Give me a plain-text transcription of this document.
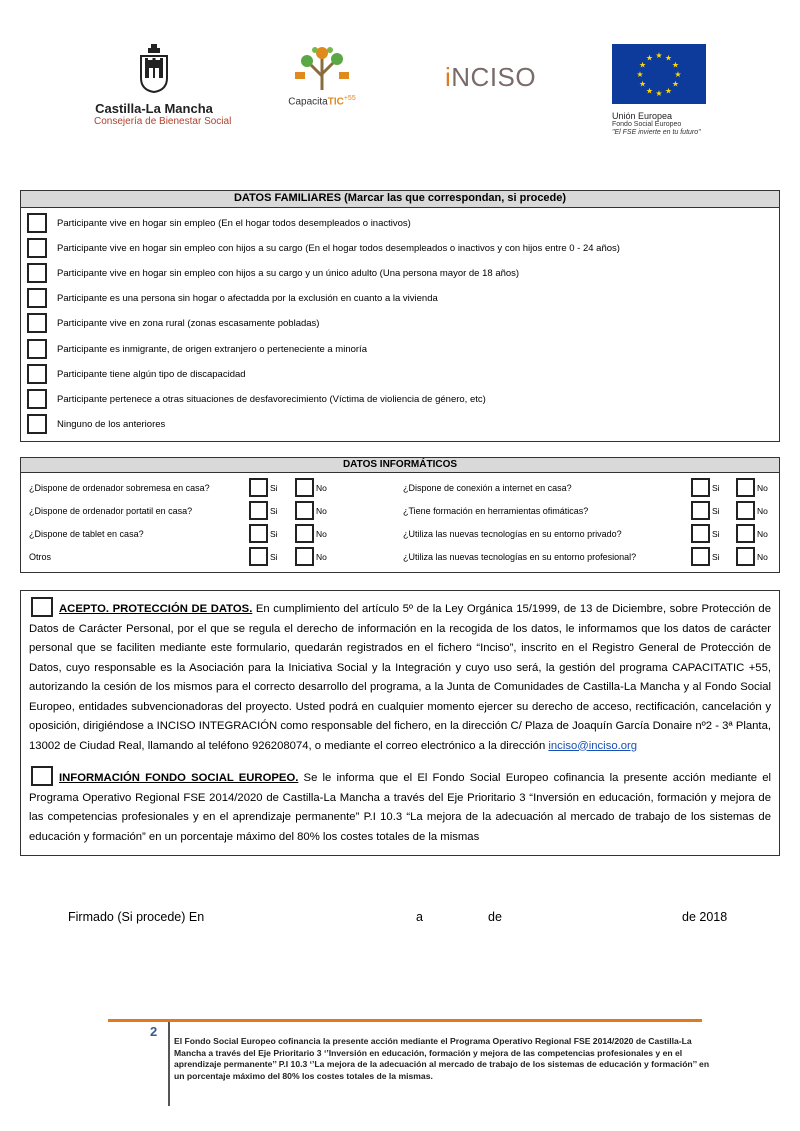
Castilla-La Mancha
Consejería de Bienestar Social
CapacitaTIC$^{+55}$
iNCISO	★
★
★
★
★
★
★
★
★ ★ ★
★
Unión Europea
Fondo Social Europeo
"El FSE invierte en tu futuro"
DATOS FAMILIARES (Marcar las que correspondan, si procede)
Participante vive en hogar sin empleo (En el hogar todos desempleados o inactivos)
Participante vive en hogar sin empleo con hijos a su cargo (En el hogar todos desempleados o inactivos y con hijos entre 0 - 24 años)
Participante vive en hogar sin empleo con hijos a su cargo y un único adulto (Una persona mayor de 18 años)
Participante es una persona sin hogar o afectadda por la exclusión en cuanto a la vivienda
Participante vive en zona rural (zonas escasamente pobladas)
Participante es inmigrante, de origen extranjero o perteneciente a minoría
Participante tiene algún tipo de discapacidad
Participante pertenece a otras situaciones de desfavorecimiento (Víctima de violiencia de género, etc)
Ninguno de los anteriores
DATOS INFORMÁTICOS
¿Dispone de ordenador sobremesa en casa?	Si	No	¿Dispone de conexión a internet en casa?	Si	No
¿Dispone de ordenador portatil en casa?	Si	No	¿Tiene formación en herramientas ofimáticas?	Si	No
¿Dispone de tablet en casa?	Si	No	¿Utiliza las nuevas tecnologías en su entorno privado?	Si	No
Otros	Si	No	¿Utiliza las nuevas tecnologías en su entorno profesional?	Si	No

ACEPTO. PROTECCIÓN DE DATOS. En cumplimiento del artículo 5º de la Ley Orgánica 15/1999, de 13 de Diciembre, sobre Protección de Datos de Carácter Personal, por el que se regula el derecho de información en la recogida de los datos, le informamos que los datos de carácter personal que se faciliten mediante este formulario, quedarán registrados en el fichero “Inciso”, inscrito en el Registro General de Protección de Datos, cuyo responsable es la Asociación para la Iniciativa Social y la Integración y cuyo uso será, la gestión del programa CAPACITATIC +55, autorizando la cesión de los mismos para el correcto desarrollo del programa, a la Junta de Comunidades de Castilla-La Mancha y al Fondo Social Europeo, entidades subvencionadoras del proyecto. Usted podrá en cualquier momento ejercer su derecho de acceso, rectificación, cancelación y oposición, dirigiéndose a INCISO INTEGRACIÓN como responsable del fichero, en la dirección C/ Plaza de Joaquín García Donaire nº2 - 3ª Planta, 13002 de Ciudad Real, llamando al teléfono 926208074, o mediante el correo electrónico a la dirección inciso@inciso.org

INFORMACIÓN FONDO SOCIAL EUROPEO. Se le informa que el El Fondo Social Europeo cofinancia la presente acción mediante el Programa Operativo Regional FSE 2014/2020 de Castilla-La Mancha a través del Eje Prioritario 3 “Inversión en educación, formación y mejora de las competencias profesionales y en el aprendizaje permanente” P.I 10.3 “La mejora de la adecuación al mercado de trabajo de los sistemas de educación y formación” en un porcentaje máximo del 80% los costes totales de la mismas

Firmado (Si procede) En	a	de	de 2018
2
El Fondo Social Europeo cofinancia la presente acción mediante el Programa Operativo Regional FSE 2014/2020 de Castilla-La Mancha a través del Eje Prioritario 3 ‘’Inversión en educación, formación y mejora de las competencias profesionales y en el aprendizaje permanente’’ P.I 10.3 ‘’La mejora de la adecuación al mercado de trabajo de los sistemas de educación y formación’’ en un porcentaje máximo del 80% los costes totales de la mismas.
